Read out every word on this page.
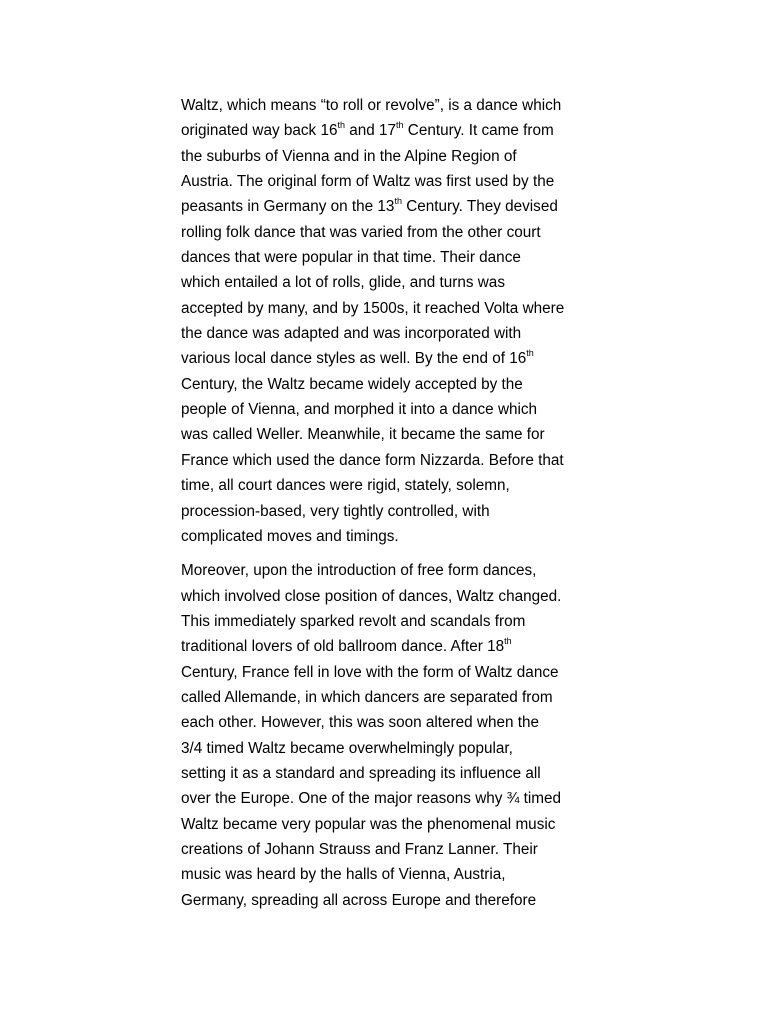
Waltz, which means “to roll or revolve”, is a dance which
originated way back 16th and 17th Century. It came from
the suburbs of Vienna and in the Alpine Region of
Austria. The original form of Waltz was first used by the
peasants in Germany on the 13th Century. They devised
rolling folk dance that was varied from the other court
dances that were popular in that time. Their dance
which entailed a lot of rolls, glide, and turns was
accepted by many, and by 1500s, it reached Volta where
the dance was adapted and was incorporated with
various local dance styles as well. By the end of 16th
Century, the Waltz became widely accepted by the
people of Vienna, and morphed it into a dance which
was called Weller. Meanwhile, it became the same for
France which used the dance form Nizzarda. Before that
time, all court dances were rigid, stately, solemn,
procession-based, very tightly controlled, with
complicated moves and timings.
Moreover, upon the introduction of free form dances,
which involved close position of dances, Waltz changed.
This immediately sparked revolt and scandals from
traditional lovers of old ballroom dance. After 18th
Century, France fell in love with the form of Waltz dance
called Allemande, in which dancers are separated from
each other. However, this was soon altered when the
3/4 timed Waltz became overwhelmingly popular,
setting it as a standard and spreading its influence all
over the Europe. One of the major reasons why ¾ timed
Waltz became very popular was the phenomenal music
creations of Johann Strauss and Franz Lanner. Their
music was heard by the halls of Vienna, Austria,
Germany, spreading all across Europe and therefore
